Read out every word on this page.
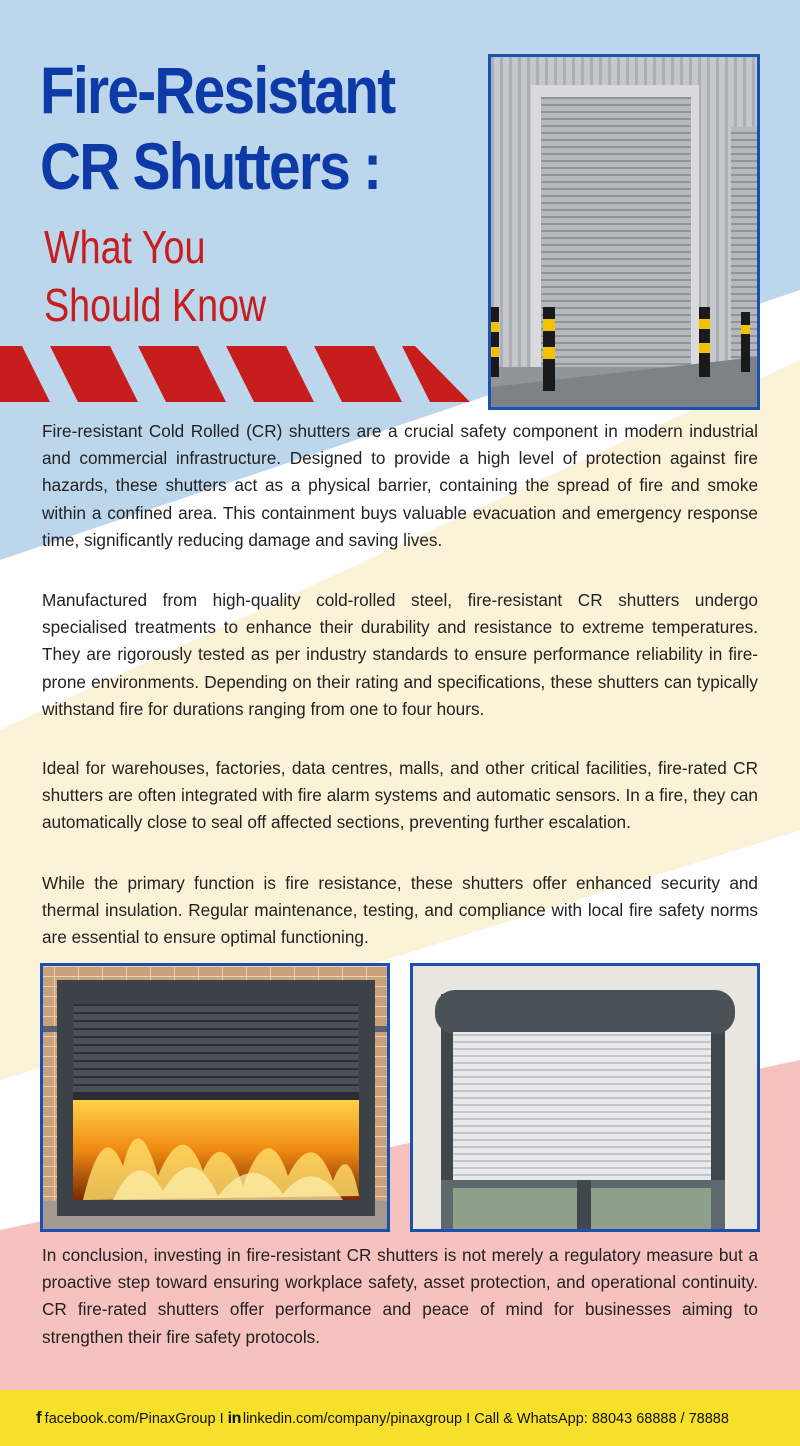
Fire-Resistant
CR Shutters :
What You
Should Know

Fire-resistant Cold Rolled (CR) shutters are a crucial safety component in modern industrial and commercial infrastructure. Designed to provide a high level of protection against fire hazards, these shutters act as a physical barrier, containing the spread of fire and smoke within a confined area. This containment buys valuable evacuation and emergency response time, significantly reducing damage and saving lives.

Manufactured from high-quality cold-rolled steel, fire-resistant CR shutters undergo specialised treatments to enhance their durability and resistance to extreme temperatures. They are rigorously tested as per industry standards to ensure performance reliability in fire-prone environments. Depending on their rating and specifications, these shutters can typically withstand fire for durations ranging from one to four hours.

Ideal for warehouses, factories, data centres, malls, and other critical facilities, fire-rated CR shutters are often integrated with fire alarm systems and automatic sensors. In a fire, they can automatically close to seal off affected sections, preventing further escalation.

While the primary function is fire resistance, these shutters offer enhanced security and thermal insulation. Regular maintenance, testing, and compliance with local fire safety norms are essential to ensure optimal functioning.

In conclusion, investing in fire-resistant CR shutters is not merely a regulatory measure but a proactive step toward ensuring workplace safety, asset protection, and operational continuity. CR fire-rated shutters offer performance and peace of mind for businesses aiming to strengthen their fire safety protocols.

f facebook.com/PinaxGroup I in linkedin.com/company/pinaxgroup I Call & WhatsApp: 88043 68888 / 78888
